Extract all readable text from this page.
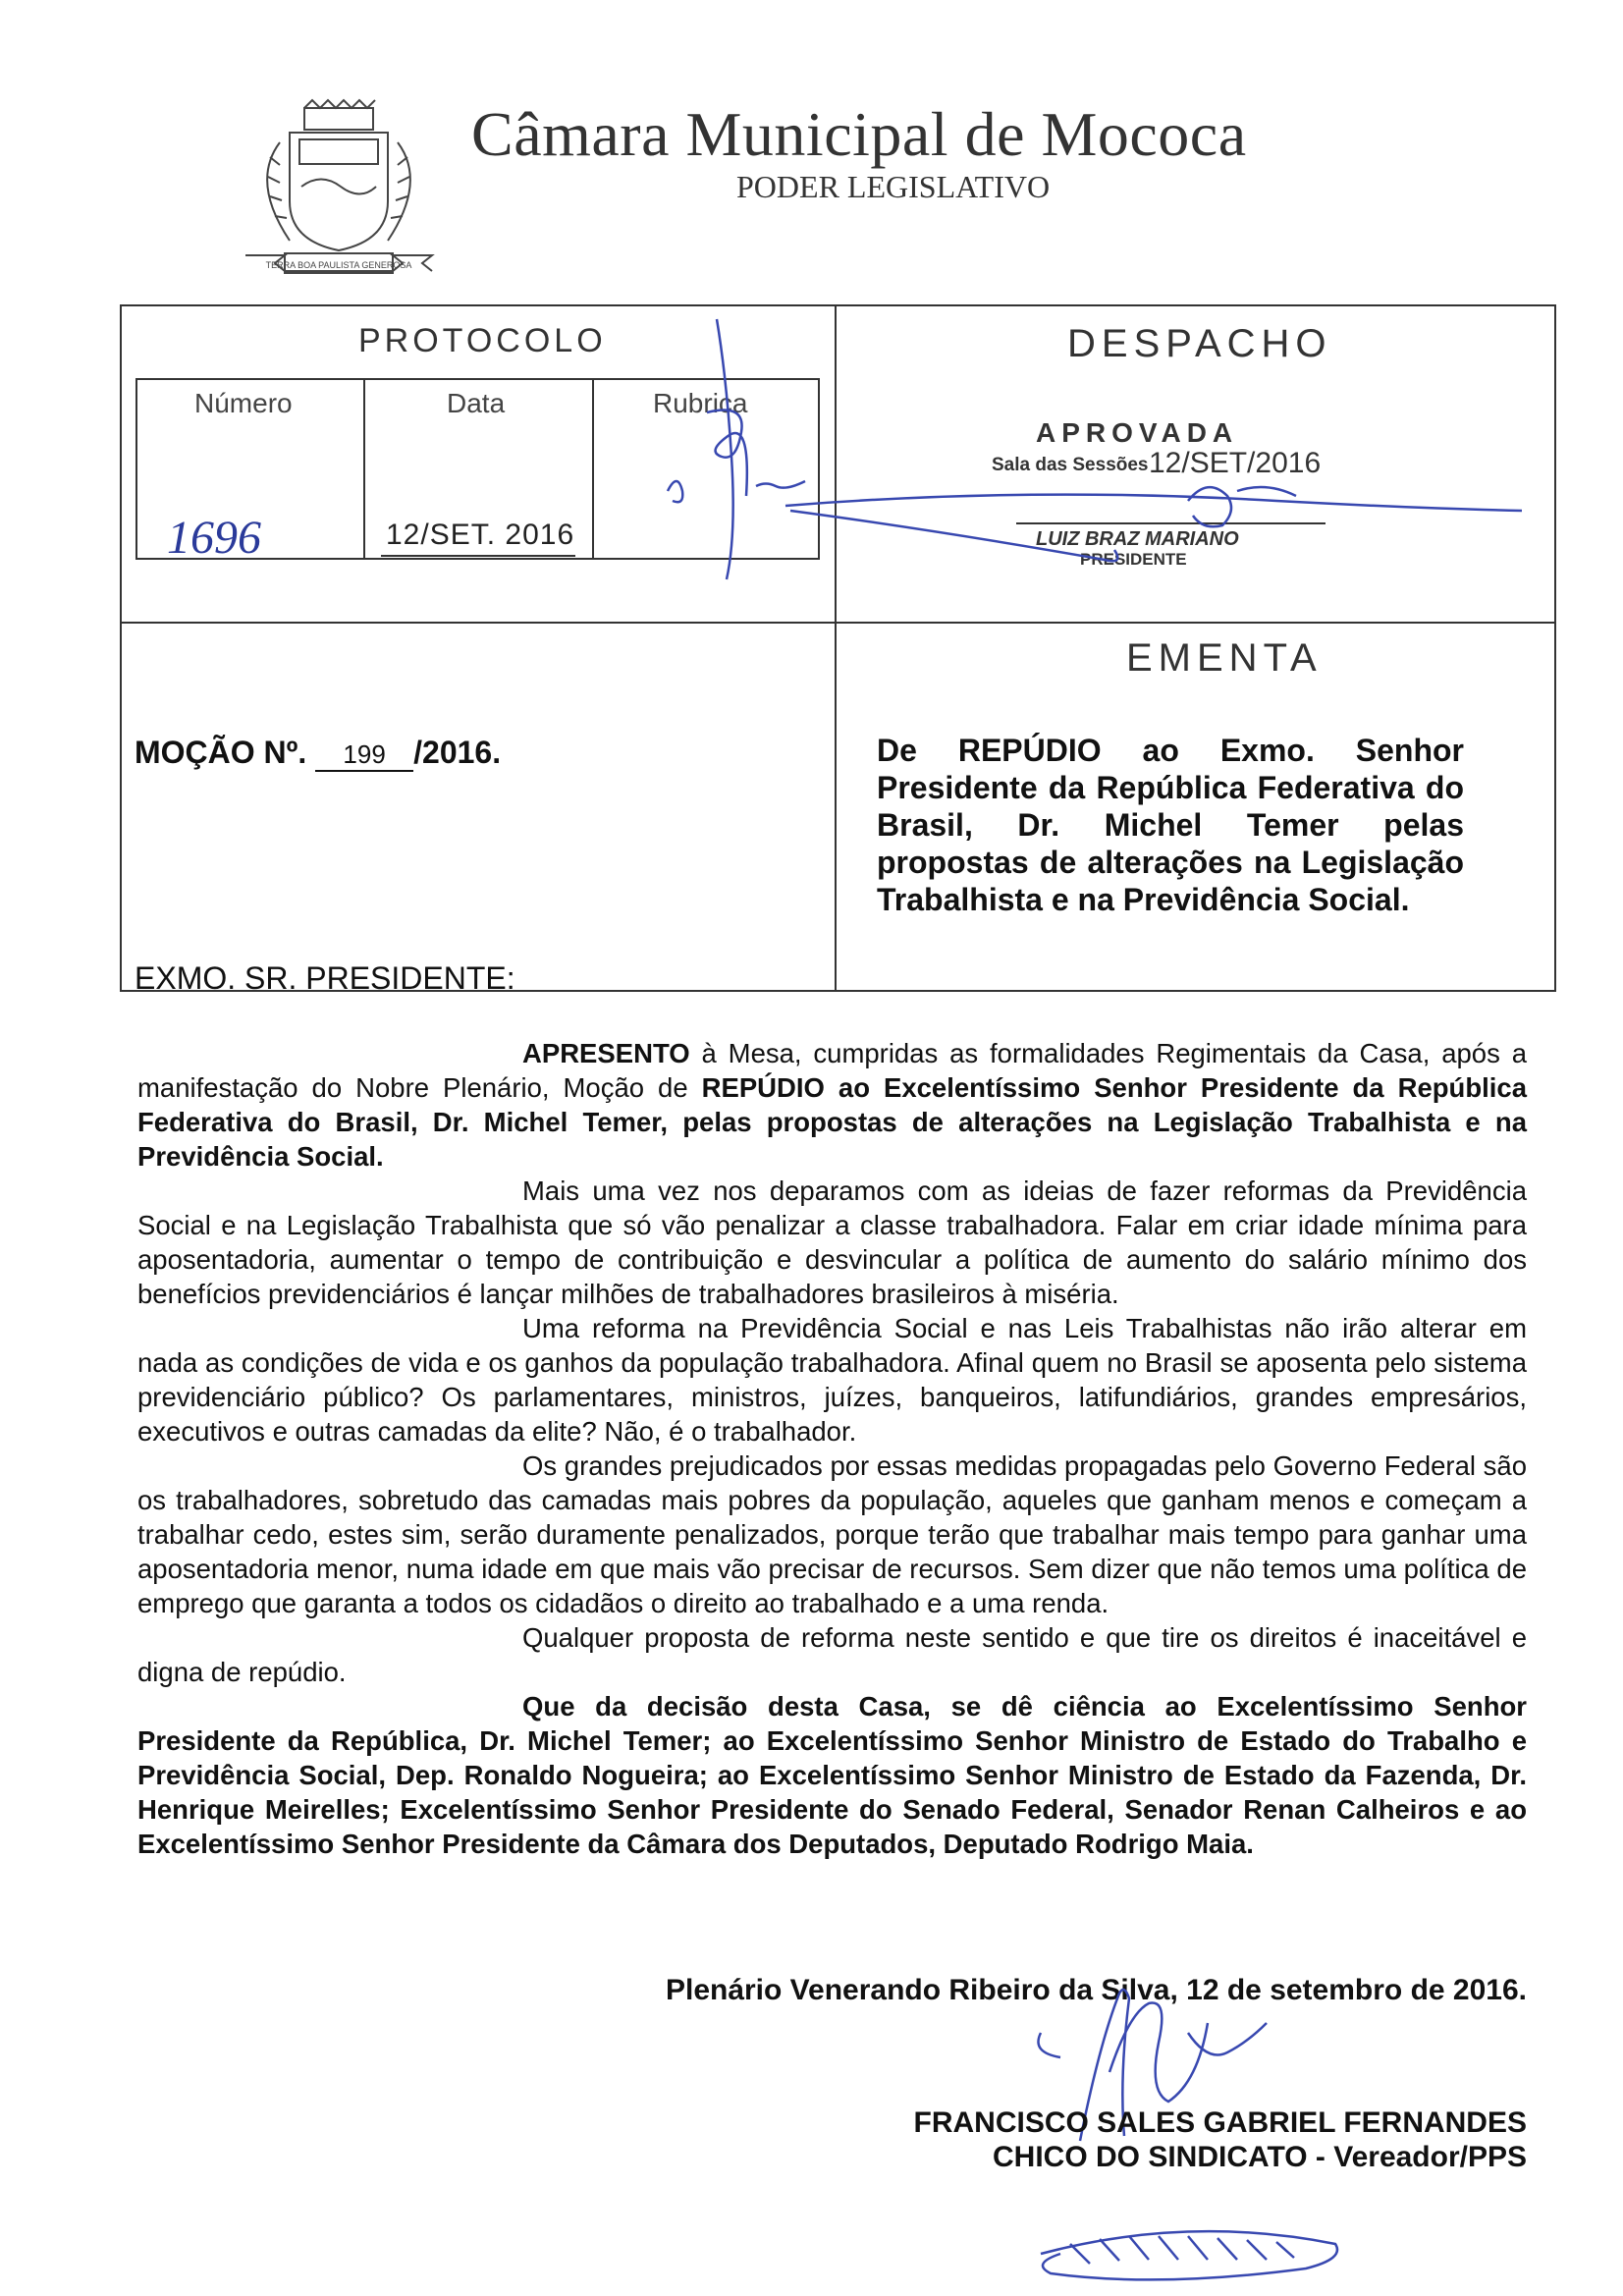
TERRA BOA PAULISTA GENEROSA
Câmara Municipal de Mococa
PODER LEGISLATIVO
PROTOCOLO
Número	Data	Rubrica
1696	12/SET. 2016
DESPACHO
APROVADA
Sala das Sessões 12/SET/2016
LUIZ BRAZ MARIANO
PRESIDENTE
EMENTA
De REPÚDIO ao Exmo. Senhor Presidente da República Federativa do Brasil, Dr. Michel Temer pelas propostas de alterações na Legislação Trabalhista e na Previdência Social.
MOÇÃO Nº. 199 /2016.
EXMO. SR. PRESIDENTE:

APRESENTO à Mesa, cumpridas as formalidades Regimentais da Casa, após a manifestação do Nobre Plenário, Moção de REPÚDIO ao Excelentíssimo Senhor Presidente da República Federativa do Brasil, Dr. Michel Temer, pelas propostas de alterações na Legislação Trabalhista e na Previdência Social.

Mais uma vez nos deparamos com as ideias de fazer reformas da Previdência Social e na Legislação Trabalhista que só vão penalizar a classe trabalhadora. Falar em criar idade mínima para aposentadoria, aumentar o tempo de contribuição e desvincular a política de aumento do salário mínimo dos benefícios previdenciários é lançar milhões de trabalhadores brasileiros à miséria.

Uma reforma na Previdência Social e nas Leis Trabalhistas não irão alterar em nada as condições de vida e os ganhos da população trabalhadora. Afinal quem no Brasil se aposenta pelo sistema previdenciário público? Os parlamentares, ministros, juízes, banqueiros, latifundiários, grandes empresários, executivos e outras camadas da elite? Não, é o trabalhador.

Os grandes prejudicados por essas medidas propagadas pelo Governo Federal são os trabalhadores, sobretudo das camadas mais pobres da população, aqueles que ganham menos e começam a trabalhar cedo, estes sim, serão duramente penalizados, porque terão que trabalhar mais tempo para ganhar uma aposentadoria menor, numa idade em que mais vão precisar de recursos. Sem dizer que não temos uma política de emprego que garanta a todos os cidadãos o direito ao trabalhado e a uma renda.

Qualquer proposta de reforma neste sentido e que tire os direitos é inaceitável e digna de repúdio.

Que da decisão desta Casa, se dê ciência ao Excelentíssimo Senhor Presidente da República, Dr. Michel Temer; ao Excelentíssimo Senhor Ministro de Estado do Trabalho e Previdência Social, Dep. Ronaldo Nogueira; ao Excelentíssimo Senhor Ministro de Estado da Fazenda, Dr. Henrique Meirelles; Excelentíssimo Senhor Presidente do Senado Federal, Senador Renan Calheiros e ao Excelentíssimo Senhor Presidente da Câmara dos Deputados, Deputado Rodrigo Maia.

Plenário Venerando Ribeiro da Silva, 12 de setembro de 2016.
FRANCISCO SALES GABRIEL FERNANDES
CHICO DO SINDICATO - Vereador/PPS
